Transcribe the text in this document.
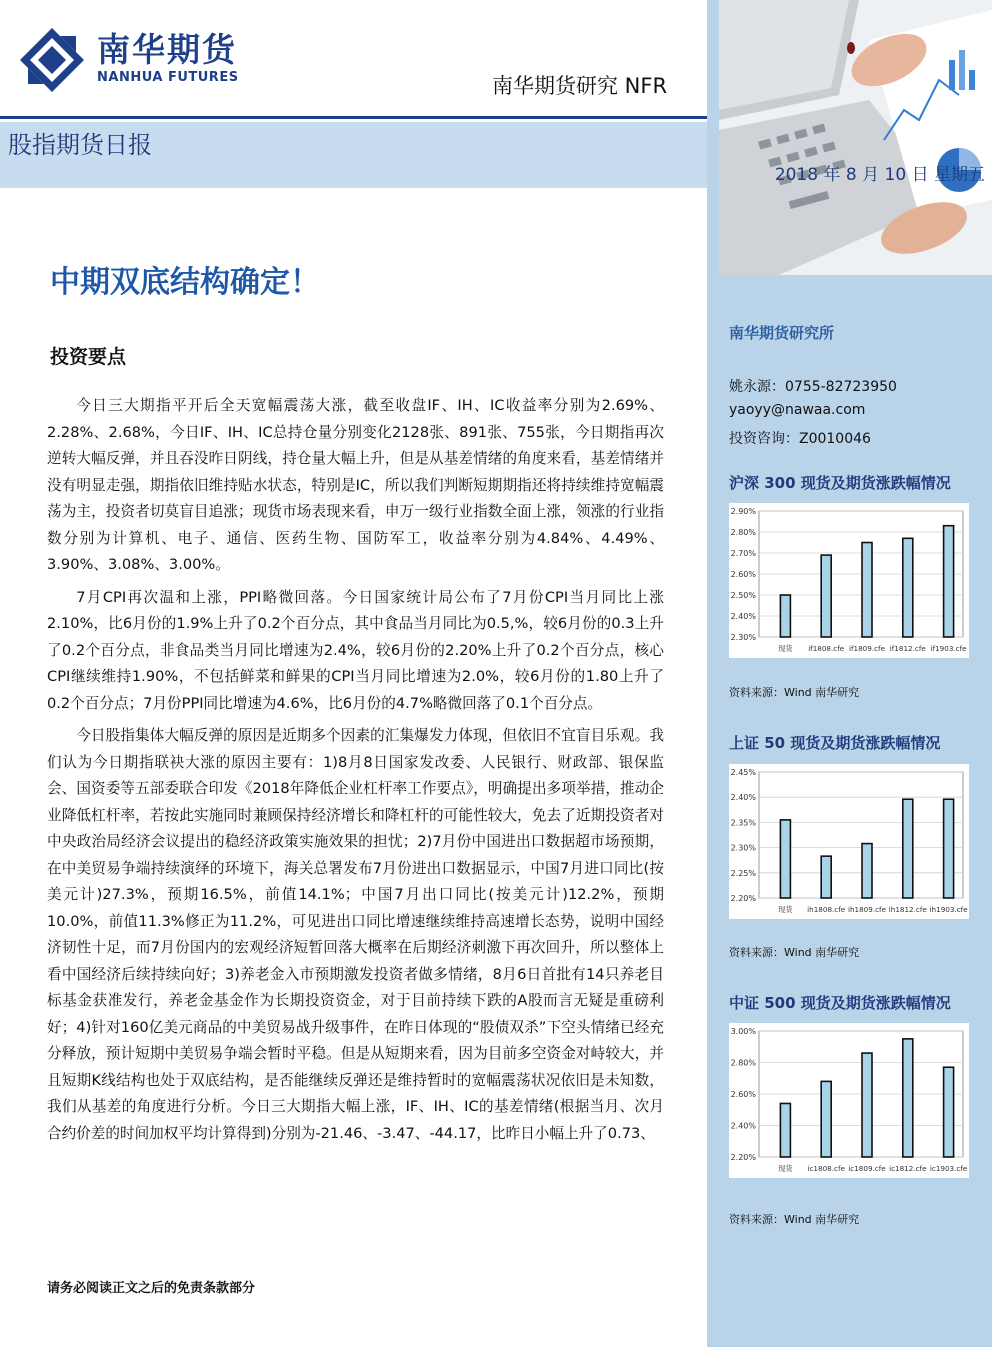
南华期货
NANHUA FUTURES	南华期货研究 NFR
股指期货日报
2018 年 8 月 10 日 星期五
中期双底结构确定！
投资要点

今日三大期指平开后全天宽幅震荡大涨，截至收盘IF、IH、IC收益率分别为2.69%、2.28%、2.68%，今日IF、IH、IC总持仓量分别变化2128张、891张、755张，今日期指再次逆转大幅反弹，并且吞没昨日阴线，持仓量大幅上升，但是从基差情绪的角度来看，基差情绪并没有明显走强，期指依旧维持贴水状态，特别是IC，所以我们判断短期期指还将持续维持宽幅震荡为主，投资者切莫盲目追涨；现货市场表现来看，申万一级行业指数全面上涨，领涨的行业指数分别为计算机、电子、通信、医药生物、国防军工，收益率分别为4.84%、4.49%、3.90%、3.08%、3.00%。

7月CPI再次温和上涨，PPI略微回落。今日国家统计局公布了7月份CPI当月同比上涨2.10%，比6月份的1.9%上升了0.2个百分点，其中食品当月同比为0.5,%，较6月份的0.3上升了0.2个百分点，非食品类当月同比增速为2.4%，较6月份的2.20%上升了0.2个百分点，核心CPI继续维持1.90%，不包括鲜菜和鲜果的CPI当月同比增速为2.0%，较6月份的1.80上升了0.2个百分点；7月份PPI同比增速为4.6%，比6月份的4.7%略微回落了0.1个百分点。

今日股指集体大幅反弹的原因是近期多个因素的汇集爆发力体现，但依旧不宜盲目乐观。我们认为今日期指联袂大涨的原因主要有：1)8月8日国家发改委、人民银行、财政部、银保监会、国资委等五部委联合印发《2018年降低企业杠杆率工作要点》，明确提出多项举措，推动企业降低杠杆率，若按此实施同时兼顾保持经济增长和降杠杆的可能性较大，免去了近期投资者对中央政治局经济会议提出的稳经济政策实施效果的担忧；2)7月份中国进出口数据超市场预期，在中美贸易争端持续演绎的环境下，海关总署发布7月份进出口数据显示，中国7月进口同比(按美元计)27.3%，预期16.5%，前值14.1%；中国7月出口同比(按美元计)12.2%，预期10.0%，前值11.3%修正为11.2%，可见进出口同比增速继续维持高速增长态势，说明中国经济韧性十足，而7月份国内的宏观经济短暂回落大概率在后期经济刺激下再次回升，所以整体上看中国经济后续持续向好；3)养老金入市预期激发投资者做多情绪，8月6日首批有14只养老目标基金获准发行，养老金基金作为长期投资资金，对于目前持续下跌的A股而言无疑是重磅利好；4)针对160亿美元商品的中美贸易战升级事件，在昨日体现的“股债双杀”下空头情绪已经充分释放，预计短期中美贸易争端会暂时平稳。但是从短期来看，因为目前多空资金对峙较大，并且短期K线结构也处于双底结构，是否能继续反弹还是维持暂时的宽幅震荡状况依旧是未知数，我们从基差的角度进行分析。今日三大期指大幅上涨，IF、IH、IC的基差情绪(根据当月、次月合约价差的时间加权平均计算得到)分别为-21.46、-3.47、-44.17，比昨日小幅上升了0.73、

请务必阅读正文之后的免责条款部分
南华期货研究所
姚永源：0755-82723950
yaoyy@nawaa.com
投资咨询：Z0010046
沪深 300 现货及期货涨跌幅情况
2.90%
2.80%
2.70%
2.60%
2.50%
2.40%
2.30%
现货 if1808.cfe if1809.cfe if1812.cfe if1903.cfe
资料来源：Wind 南华研究
上证 50 现货及期货涨跌幅情况
2.45%
2.40%
2.35%
2.30%
2.25%
2.20%
现货 ih1808.cfe ih1809.cfe ih1812.cfe ih1903.cfe
资料来源：Wind 南华研究
中证 500 现货及期货涨跌幅情况
3.00%
2.80%
2.60%
2.40%
2.20%
现货 ic1808.cfe ic1809.cfe ic1812.cfe ic1903.cfe
资料来源：Wind 南华研究
